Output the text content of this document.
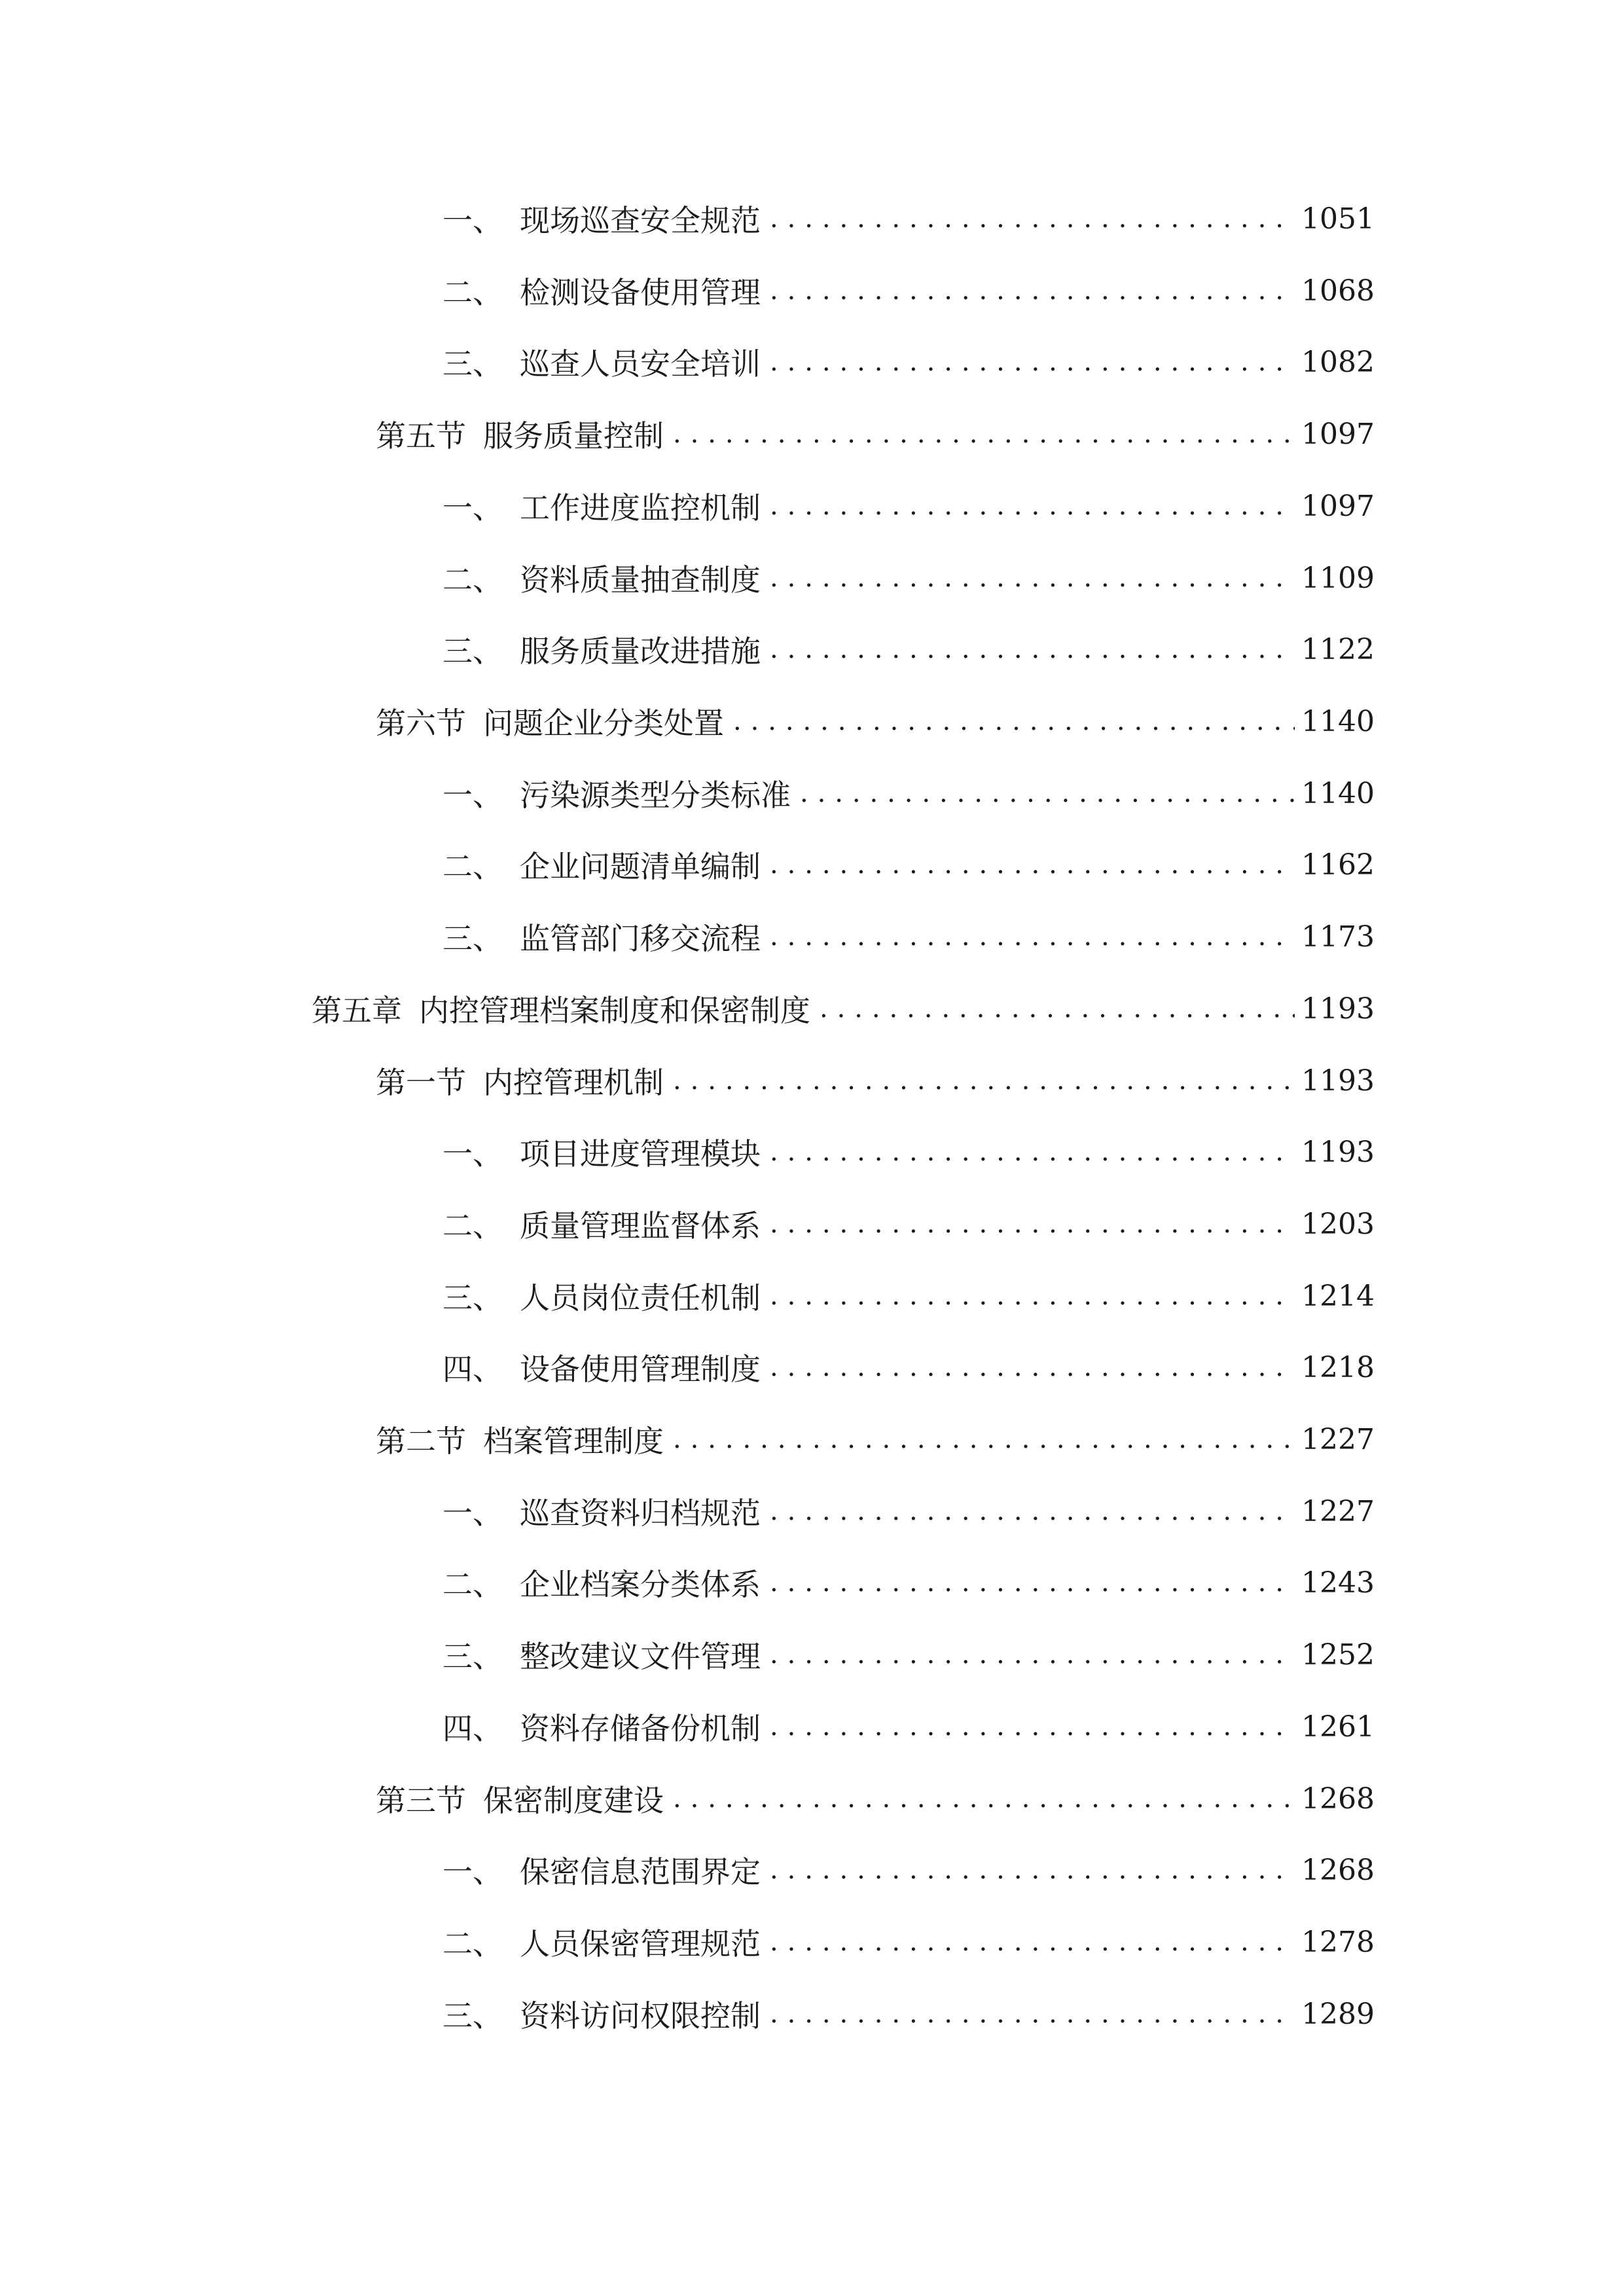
一、 现场巡查安全规范 . . .	1051
二、 检测设备使用管理 . . .	1068
三、 巡查人员安全培训 . . .	1082
第五节 服务质量控制 . . .	1097
一、 工作进度监控机制 . . .	1097
二、 资料质量抽查制度 . . .	1109
三、 服务质量改进措施 . . .	1122
第六节 问题企业分类处置 . . .	1140
一、 污染源类型分类标准 . . .	1140
二、 企业问题清单编制 . . .	1162
三、 监管部门移交流程 . . .	1173
第五章 内控管理档案制度和保密制度 . . .	1193
第一节 内控管理机制 . . .	1193
一、 项目进度管理模块 . . .	1193
二、 质量管理监督体系 . . .	1203
三、 人员岗位责任机制 . . .	1214
四、 设备使用管理制度 . . .	1218
第二节 档案管理制度 . . .	1227
一、 巡查资料归档规范 . . .	1227
二、 企业档案分类体系 . . .	1243
三、 整改建议文件管理 . . .	1252
四、 资料存储备份机制 . . .	1261
第三节 保密制度建设 . . .	1268
一、 保密信息范围界定 . . .	1268
二、 人员保密管理规范 . . .	1278
三、 资料访问权限控制 . . .	1289
